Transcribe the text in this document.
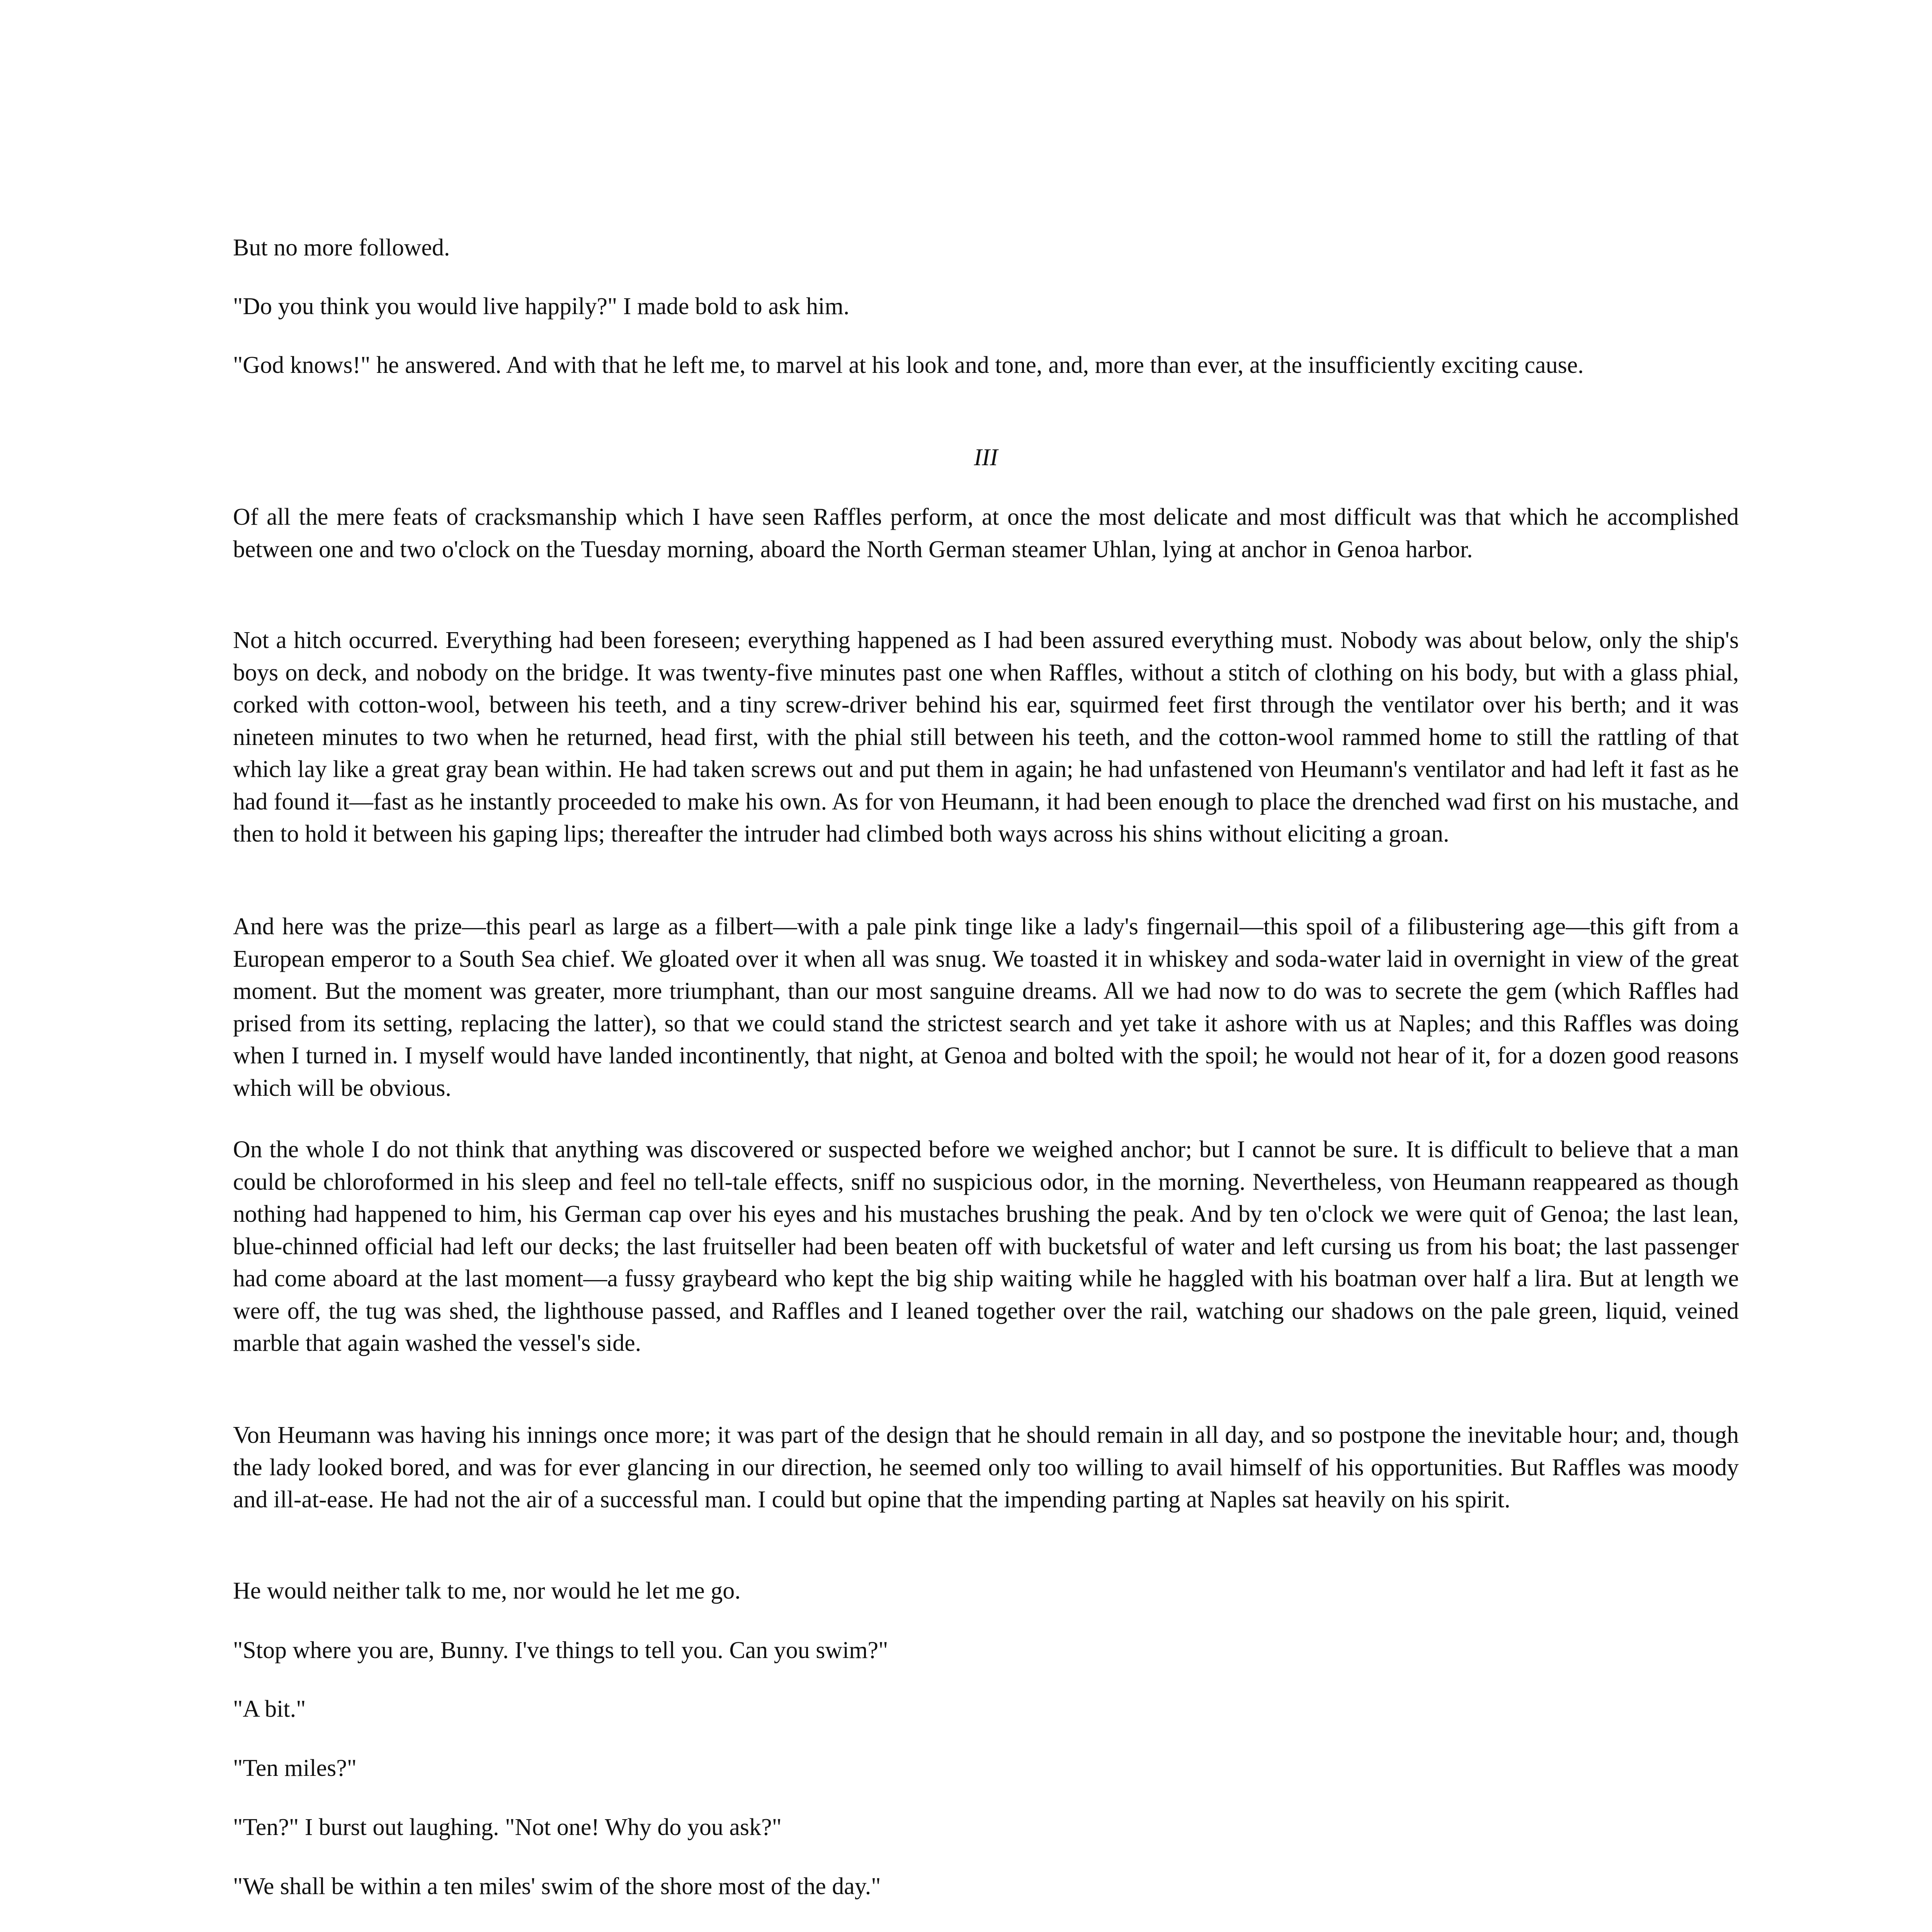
But no more followed.

"Do you think you would live happily?" I made bold to ask him.

"God knows!" he answered. And with that he left me, to marvel at his look and tone, and, more than ever, at the insufficiently exciting cause.

III

Of all the mere feats of cracksmanship which I have seen Raffles perform, at once the most delicate and most difficult was that which he accomplished between one and two o'clock on the Tuesday morning, aboard the North German steamer Uhlan, lying at anchor in Genoa harbor.

Not a hitch occurred. Everything had been foreseen; everything happened as I had been assured everything must. Nobody was about below, only the ship's boys on deck, and nobody on the bridge. It was twenty-five minutes past one when Raffles, without a stitch of clothing on his body, but with a glass phial, corked with cotton-wool, between his teeth, and a tiny screw-driver behind his ear, squirmed feet first through the ventilator over his berth; and it was nineteen minutes to two when he returned, head first, with the phial still between his teeth, and the cotton-wool rammed home to still the rattling of that which lay like a great gray bean within. He had taken screws out and put them in again; he had unfastened von Heumann's ventilator and had left it fast as he had found it—fast as he instantly proceeded to make his own. As for von Heumann, it had been enough to place the drenched wad first on his mustache, and then to hold it between his gaping lips; thereafter the intruder had climbed both ways across his shins without eliciting a groan.

And here was the prize—this pearl as large as a filbert—with a pale pink tinge like a lady's fingernail—this spoil of a filibustering age—this gift from a European emperor to a South Sea chief. We gloated over it when all was snug. We toasted it in whiskey and soda-water laid in overnight in view of the great moment. But the moment was greater, more triumphant, than our most sanguine dreams. All we had now to do was to secrete the gem (which Raffles had prised from its setting, replacing the latter), so that we could stand the strictest search and yet take it ashore with us at Naples; and this Raffles was doing when I turned in. I myself would have landed incontinently, that night, at Genoa and bolted with the spoil; he would not hear of it, for a dozen good reasons which will be obvious.

On the whole I do not think that anything was discovered or suspected before we weighed anchor; but I cannot be sure. It is difficult to believe that a man could be chloroformed in his sleep and feel no tell-tale effects, sniff no suspicious odor, in the morning. Nevertheless, von Heumann reappeared as though nothing had happened to him, his German cap over his eyes and his mustaches brushing the peak. And by ten o'clock we were quit of Genoa; the last lean, blue-chinned official had left our decks; the last fruitseller had been beaten off with bucketsful of water and left cursing us from his boat; the last passenger had come aboard at the last moment—a fussy graybeard who kept the big ship waiting while he haggled with his boatman over half a lira. But at length we were off, the tug was shed, the lighthouse passed, and Raffles and I leaned together over the rail, watching our shadows on the pale green, liquid, veined marble that again washed the vessel's side.

Von Heumann was having his innings once more; it was part of the design that he should remain in all day, and so postpone the inevitable hour; and, though the lady looked bored, and was for ever glancing in our direction, he seemed only too willing to avail himself of his opportunities. But Raffles was moody and ill-at-ease. He had not the air of a successful man. I could but opine that the impending parting at Naples sat heavily on his spirit.

He would neither talk to me, nor would he let me go.

"Stop where you are, Bunny. I've things to tell you. Can you swim?"

"A bit."

"Ten miles?"

"Ten?" I burst out laughing. "Not one! Why do you ask?"

"We shall be within a ten miles' swim of the shore most of the day."
